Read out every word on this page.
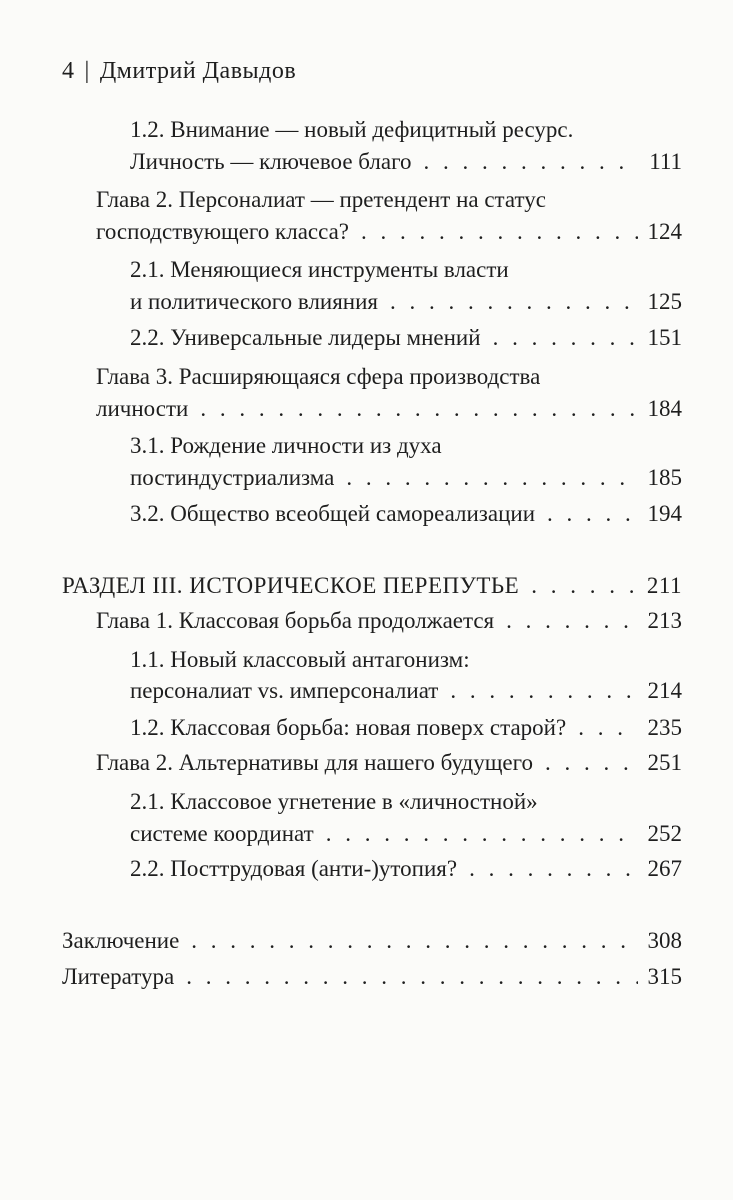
4 | Дмитрий Давыдов
1.2. Внимание — новый дефицитный ресурс.
Личность — ключевое благо . . .	111
Глава 2. Персоналиат — претендент на статус
господствующего класса? . . .	124
2.1. Меняющиеся инструменты власти
и политического влияния . . .	125
2.2. Универсальные лидеры мнений . . .	151
Глава 3. Расширяющаяся сфера производства
личности . . .	184
3.1. Рождение личности из духа
постиндустриализма . . .	185
3.2. Общество всеобщей самореализации . . .	194
РАЗДЕЛ III. ИСТОРИЧЕСКОЕ ПЕРЕПУТЬЕ . . .	211
Глава 1. Классовая борьба продолжается . . .	213
1.1. Новый классовый антагонизм:
персоналиат vs. имперсоналиат . . .	214
1.2. Классовая борьба: новая поверх старой? . . .	235
Глава 2. Альтернативы для нашего будущего . . .	251
2.1. Классовое угнетение в «личностной»
системе координат . . .	252
2.2. Посттрудовая (анти-)утопия? . . .	267
Заключение . . .	308
Литература . . .	315
